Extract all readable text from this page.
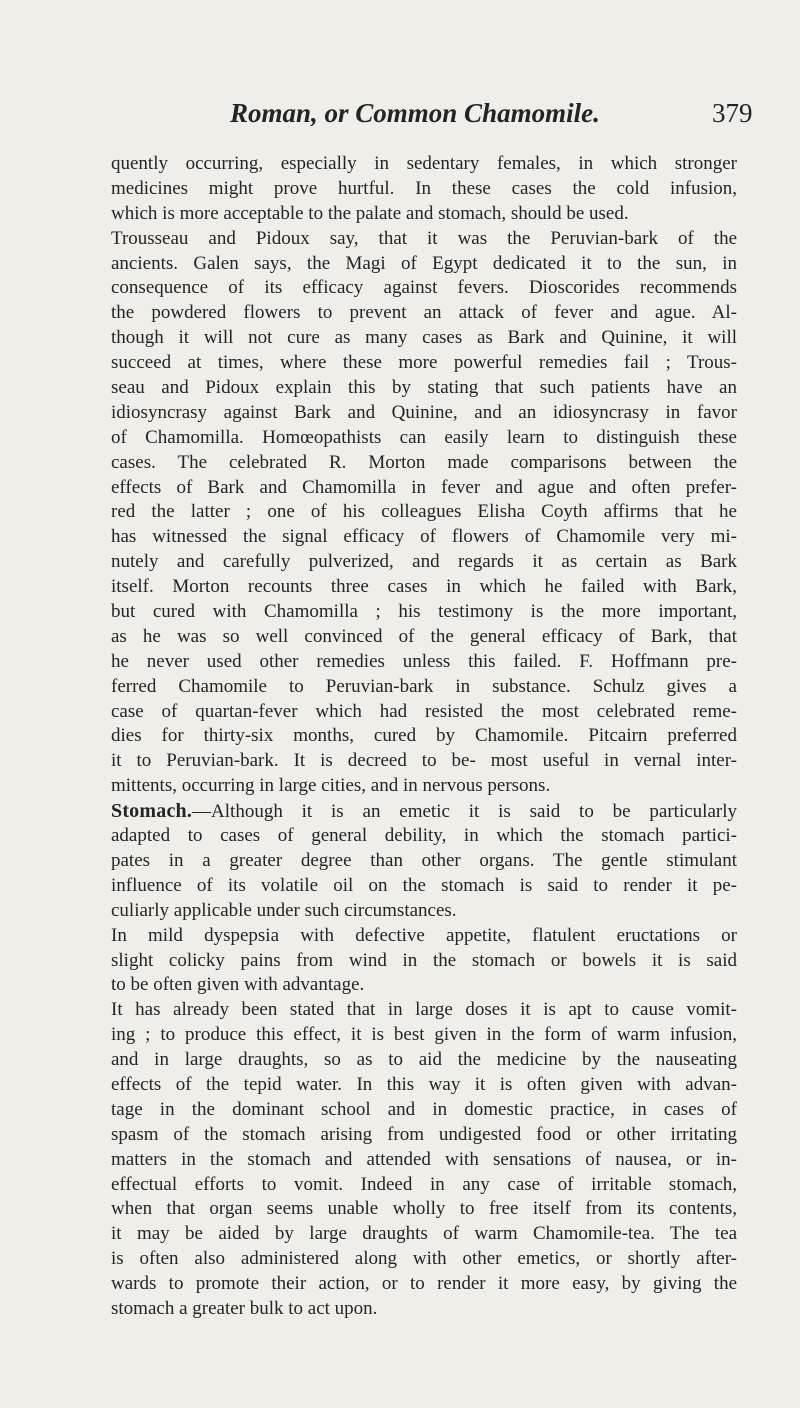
Roman, or Common Chamomile.	379
quently occurring, especially in sedentary females, in which stronger
medicines might prove hurtful. In these cases the cold infusion,
which is more acceptable to the palate and stomach, should be used.
Trousseau and Pidoux say, that it was the Peruvian-bark of the
ancients. Galen says, the Magi of Egypt dedicated it to the sun, in
consequence of its efficacy against fevers. Dioscorides recommends
the powdered flowers to prevent an attack of fever and ague. Al-
though it will not cure as many cases as Bark and Quinine, it will
succeed at times, where these more powerful remedies fail ; Trous-
seau and Pidoux explain this by stating that such patients have an
idiosyncrasy against Bark and Quinine, and an idiosyncrasy in favor
of Chamomilla. Homœopathists can easily learn to distinguish these
cases. The celebrated R. Morton made comparisons between the
effects of Bark and Chamomilla in fever and ague and often prefer-
red the latter ; one of his colleagues Elisha Coyth affirms that he
has witnessed the signal efficacy of flowers of Chamomile very mi-
nutely and carefully pulverized, and regards it as certain as Bark
itself. Morton recounts three cases in which he failed with Bark,
but cured with Chamomilla ; his testimony is the more important,
as he was so well convinced of the general efficacy of Bark, that
he never used other remedies unless this failed. F. Hoffmann pre-
ferred Chamomile to Peruvian-bark in substance. Schulz gives a
case of quartan-fever which had resisted the most celebrated reme-
dies for thirty-six months, cured by Chamomile. Pitcairn preferred
it to Peruvian-bark. It is decreed to be- most useful in vernal inter-
mittents, occurring in large cities, and in nervous persons.
Stomach.—Although it is an emetic it is said to be particularly
adapted to cases of general debility, in which the stomach partici-
pates in a greater degree than other organs. The gentle stimulant
influence of its volatile oil on the stomach is said to render it pe-
culiarly applicable under such circumstances.
In mild dyspepsia with defective appetite, flatulent eructations or
slight colicky pains from wind in the stomach or bowels it is said
to be often given with advantage.
It has already been stated that in large doses it is apt to cause vomit-
ing ; to produce this effect, it is best given in the form of warm infusion,
and in large draughts, so as to aid the medicine by the nauseating
effects of the tepid water. In this way it is often given with advan-
tage in the dominant school and in domestic practice, in cases of
spasm of the stomach arising from undigested food or other irritating
matters in the stomach and attended with sensations of nausea, or in-
effectual efforts to vomit. Indeed in any case of irritable stomach,
when that organ seems unable wholly to free itself from its contents,
it may be aided by large draughts of warm Chamomile-tea. The tea
is often also administered along with other emetics, or shortly after-
wards to promote their action, or to render it more easy, by giving the
stomach a greater bulk to act upon.
